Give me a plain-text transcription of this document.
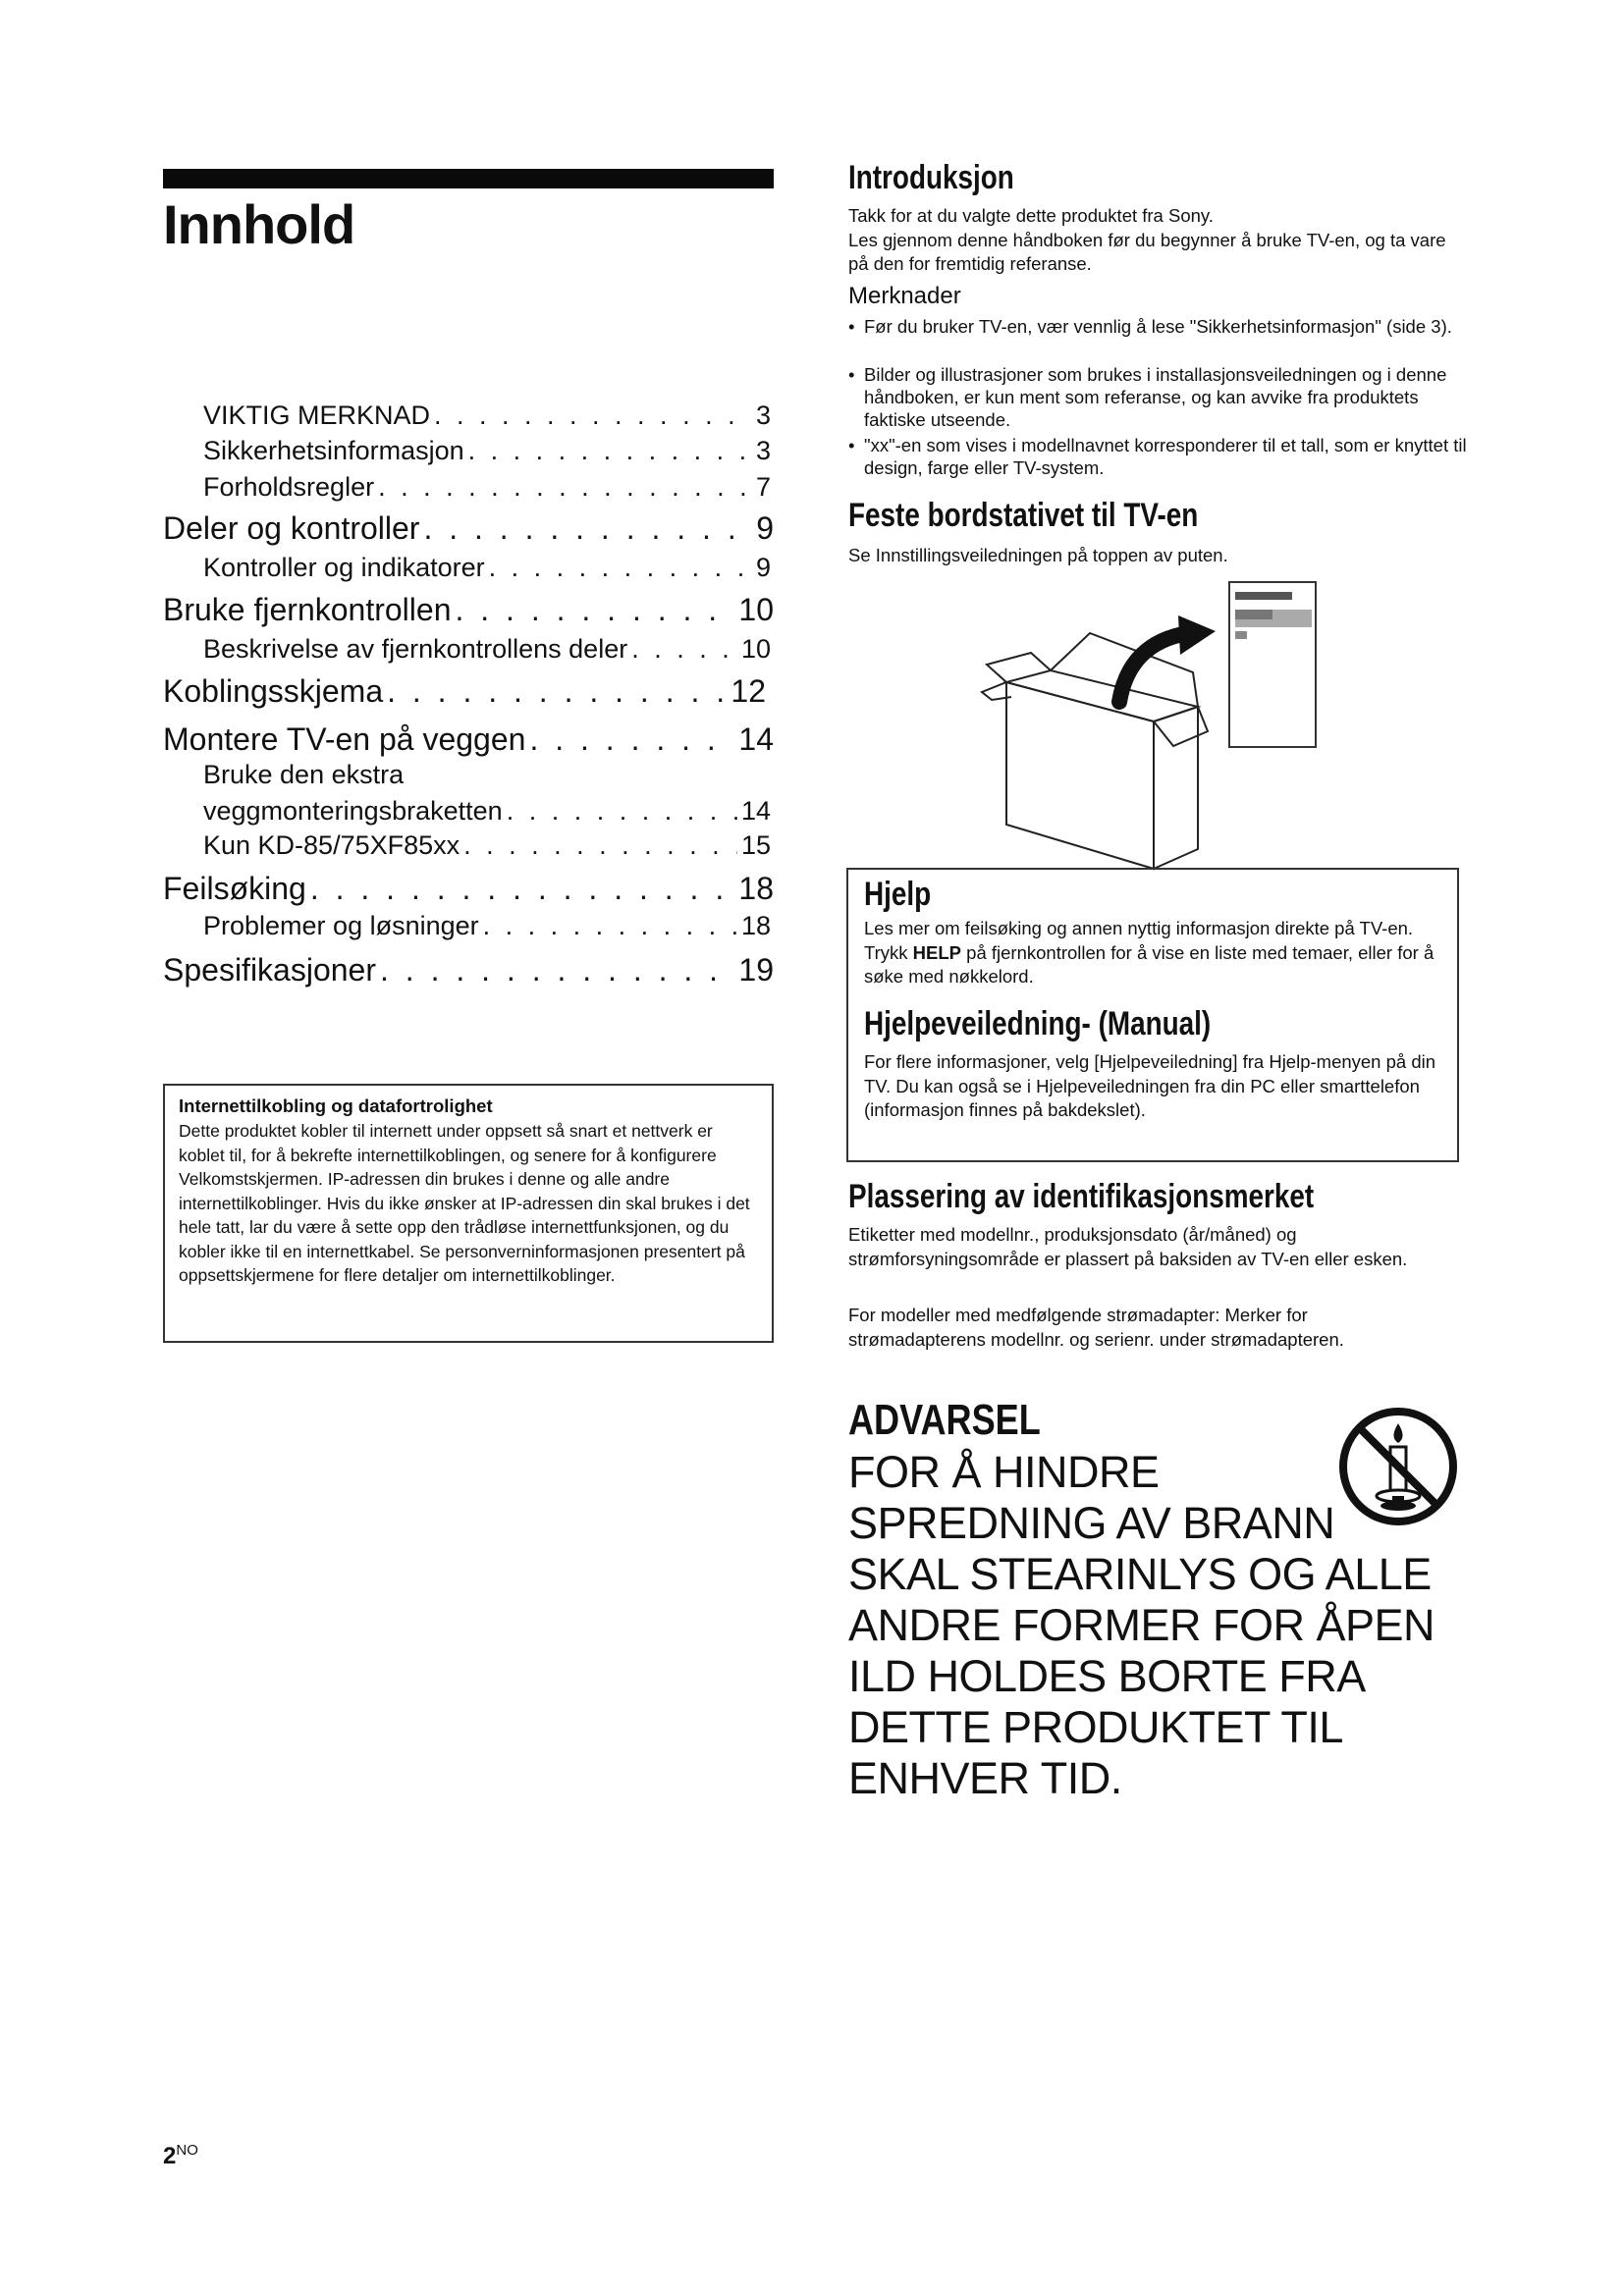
Innhold
VIKTIG MERKNAD . . .	3
Sikkerhetsinformasjon . . .	3
Forholdsregler . . .	7
Deler og kontroller . . .	9
Kontroller og indikatorer . . .	9
Bruke fjernkontrollen . . .	10
Beskrivelse av fjernkontrollens deler . . .	10
Koblingsskjema . . .	12
Montere TV-en på veggen . . .	14
Bruke den ekstra
veggmonteringsbraketten . . .	14
Kun KD-85/75XF85xx . . .	15
Feilsøking . . .	18
Problemer og løsninger . . .	18
Spesifikasjoner . . .	19
Internettilkobling og datafortrolighet
Dette produktet kobler til internett under oppsett så snart et nettverk er koblet til, for å bekrefte internettilkoblingen, og senere for å konfigurere Velkomstskjermen. IP-adressen din brukes i denne og alle andre internettilkoblinger. Hvis du ikke ønsker at IP-adressen din skal brukes i det hele tatt, lar du være å sette opp den trådløse internettfunksjonen, og du kobler ikke til en internettkabel. Se personverninformasjonen presentert på oppsettskjermene for flere detaljer om internettilkoblinger.
$2^{NO}$
Introduksjon
Takk for at du valgte dette produktet fra Sony.
Les gjennom denne håndboken før du begynner å bruke TV-en, og ta vare på den for fremtidig referanse.
Merknader
• Før du bruker TV-en, vær vennlig å lese "Sikkerhetsinformasjon" (side 3).
• Bilder og illustrasjoner som brukes i installasjonsveiledningen og i denne håndboken, er kun ment som referanse, og kan avvike fra produktets faktiske utseende.
• "xx"-en som vises i modellnavnet korresponderer til et tall, som er knyttet til design, farge eller TV-system.
Feste bordstativet til TV-en
Se Innstillingsveiledningen på toppen av puten.
Hjelp
Les mer om feilsøking og annen nyttig informasjon direkte på TV-en. Trykk HELP på fjernkontrollen for å vise en liste med temaer, eller for å søke med nøkkelord.
Hjelpeveiledning- (Manual)
For flere informasjoner, velg [Hjelpeveiledning] fra Hjelp-menyen på din TV. Du kan også se i Hjelpeveiledningen fra din PC eller smarttelefon (informasjon finnes på bakdekslet).
Plassering av identifikasjonsmerket
Etiketter med modellnr., produksjonsdato (år/måned) og strømforsyningsområde er plassert på baksiden av TV-en eller esken.
For modeller med medfølgende strømadapter: Merker for strømadapterens modellnr. og serienr. under strømadapteren.
ADVARSEL
FOR Å HINDRE
SPREDNING AV BRANN
SKAL STEARINLYS OG ALLE
ANDRE FORMER FOR ÅPEN
ILD HOLDES BORTE FRA
DETTE PRODUKTET TIL
ENHVER TID.
